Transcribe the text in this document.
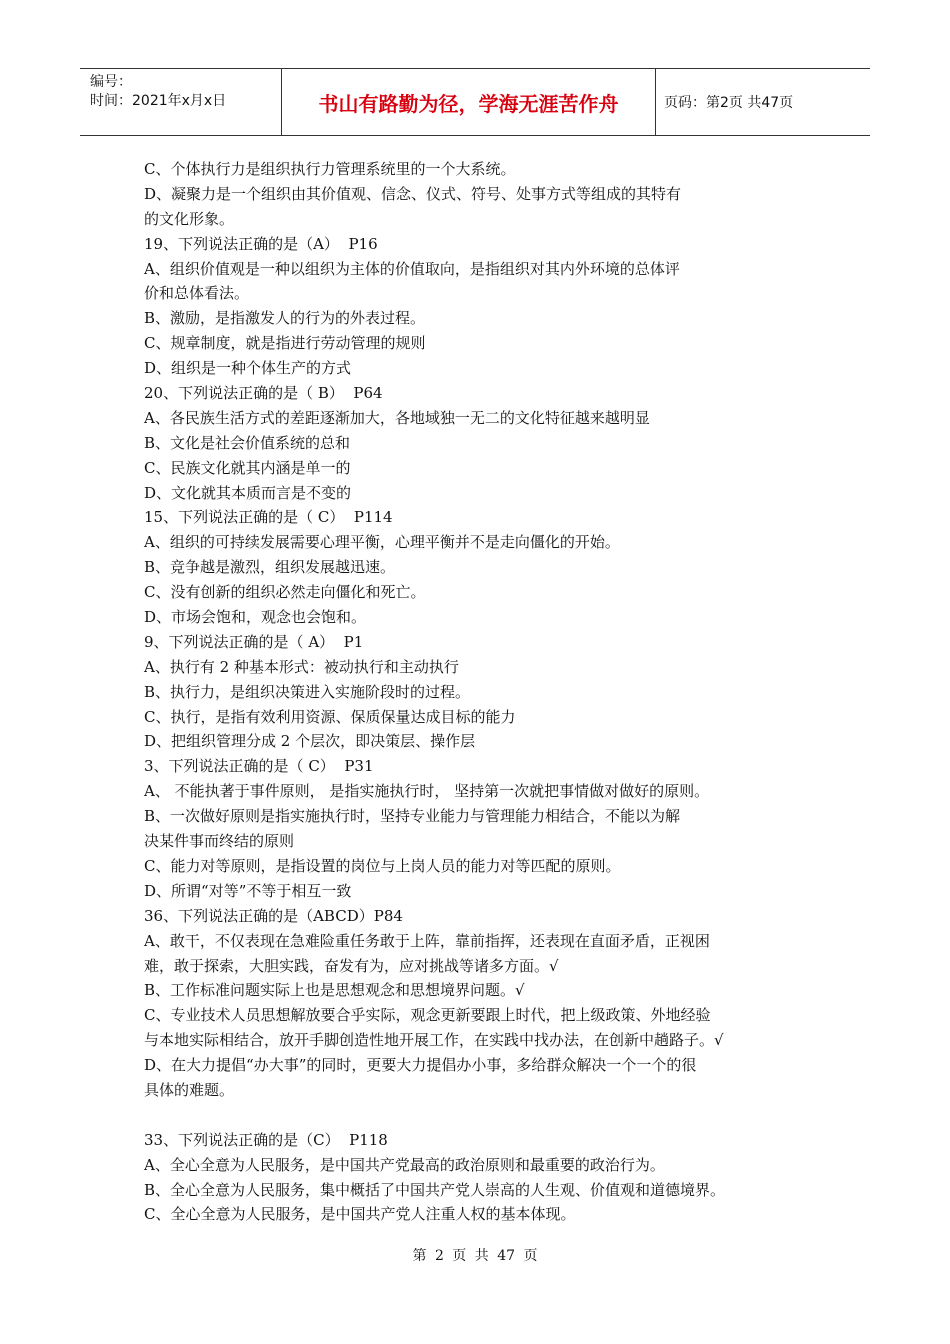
编号：
时间：2021年x月x日	书山有路勤为径，学海无涯苦作舟	页码：第2页 共47页
C、个体执行力是组织执行力管理系统里的一个大系统。
D、凝聚力是一个组织由其价值观、信念、仪式、符号、处事方式等组成的其特有
的文化形象。
19、下列说法正确的是（A）  P16
A、组织价值观是一种以组织为主体的价值取向，是指组织对其内外环境的总体评
价和总体看法。
B、激励，是指激发人的行为的外表过程。
C、规章制度，就是指进行劳动管理的规则
D、组织是一种个体生产的方式
20、下列说法正确的是（ B）  P64
A、各民族生活方式的差距逐渐加大，各地域独一无二的文化特征越来越明显
B、文化是社会价值系统的总和
C、民族文化就其内涵是单一的
D、文化就其本质而言是不变的
15、下列说法正确的是（ C）  P114
A、组织的可持续发展需要心理平衡，心理平衡并不是走向僵化的开始。
B、竞争越是激烈，组织发展越迅速。
C、没有创新的组织必然走向僵化和死亡。
D、市场会饱和，观念也会饱和。
9、下列说法正确的是（ A）  P1
A、执行有 2 种基本形式：被动执行和主动执行
B、执行力，是组织决策进入实施阶段时的过程。
C、执行，是指有效利用资源、保质保量达成目标的能力
D、把组织管理分成 2 个层次，即决策层、操作层
3、下列说法正确的是（ C）  P31
A、 不能执著于事件原则， 是指实施执行时， 坚持第一次就把事情做对做好的原则。
B、一次做好原则是指实施执行时，坚持专业能力与管理能力相结合，不能以为解
决某件事而终结的原则
C、能力对等原则，是指设置的岗位与上岗人员的能力对等匹配的原则。
D、所谓“对等”不等于相互一致
36、下列说法正确的是（ABCD）P84
A、敢干，不仅表现在急难险重任务敢于上阵，靠前指挥，还表现在直面矛盾，正视困
难，敢于探索，大胆实践，奋发有为，应对挑战等诸多方面。√
B、工作标准问题实际上也是思想观念和思想境界问题。√
C、专业技术人员思想解放要合乎实际，观念更新要跟上时代，把上级政策、外地经验
与本地实际相结合，放开手脚创造性地开展工作，在实践中找办法，在创新中趟路子。√
D、在大力提倡“办大事”的同时，更要大力提倡办小事，多给群众解决一个一个的很
具体的难题。
33、下列说法正确的是（C）  P118
A、全心全意为人民服务，是中国共产党最高的政治原则和最重要的政治行为。
B、全心全意为人民服务，集中概括了中国共产党人崇高的人生观、价值观和道德境界。
C、全心全意为人民服务，是中国共产党人注重人权的基本体现。
第 2 页 共 47 页
